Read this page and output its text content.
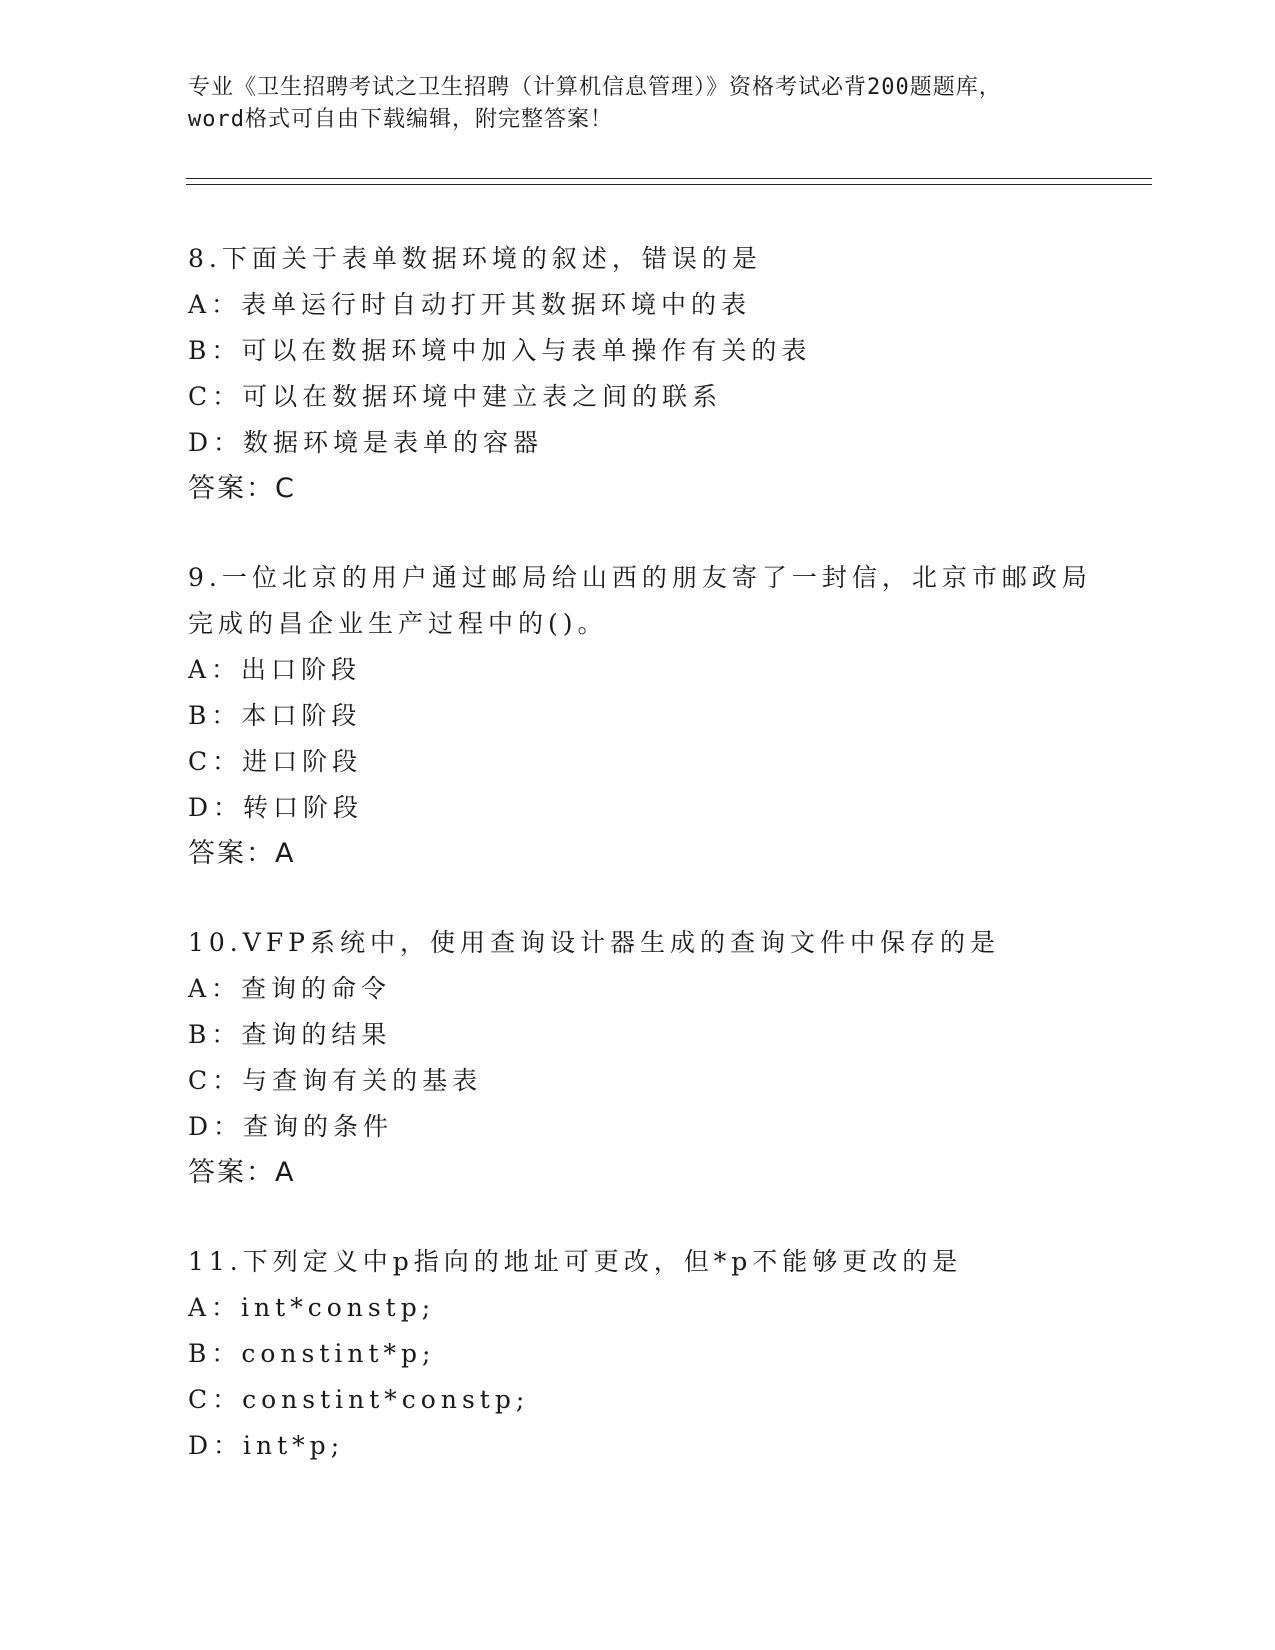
专业《卫生招聘考试之卫生招聘（计算机信息管理）》资格考试必背200题题库，
word格式可自由下载编辑，附完整答案！
8.下面关于表单数据环境的叙述，错误的是
A：表单运行时自动打开其数据环境中的表
B：可以在数据环境中加入与表单操作有关的表
C：可以在数据环境中建立表之间的联系
D：数据环境是表单的容器
答案：C
9.一位北京的用户通过邮局给山西的朋友寄了一封信，北京市邮政局
完成的昌企业生产过程中的()。
A：出口阶段
B：本口阶段
C：进口阶段
D：转口阶段
答案：A
10.VFP系统中，使用查询设计器生成的查询文件中保存的是
A：查询的命令
B：查询的结果
C：与查询有关的基表
D：查询的条件
答案：A
11.下列定义中p指向的地址可更改，但*p不能够更改的是
A：int*constp;
B：constint*p;
C：constint*constp;
D：int*p;
